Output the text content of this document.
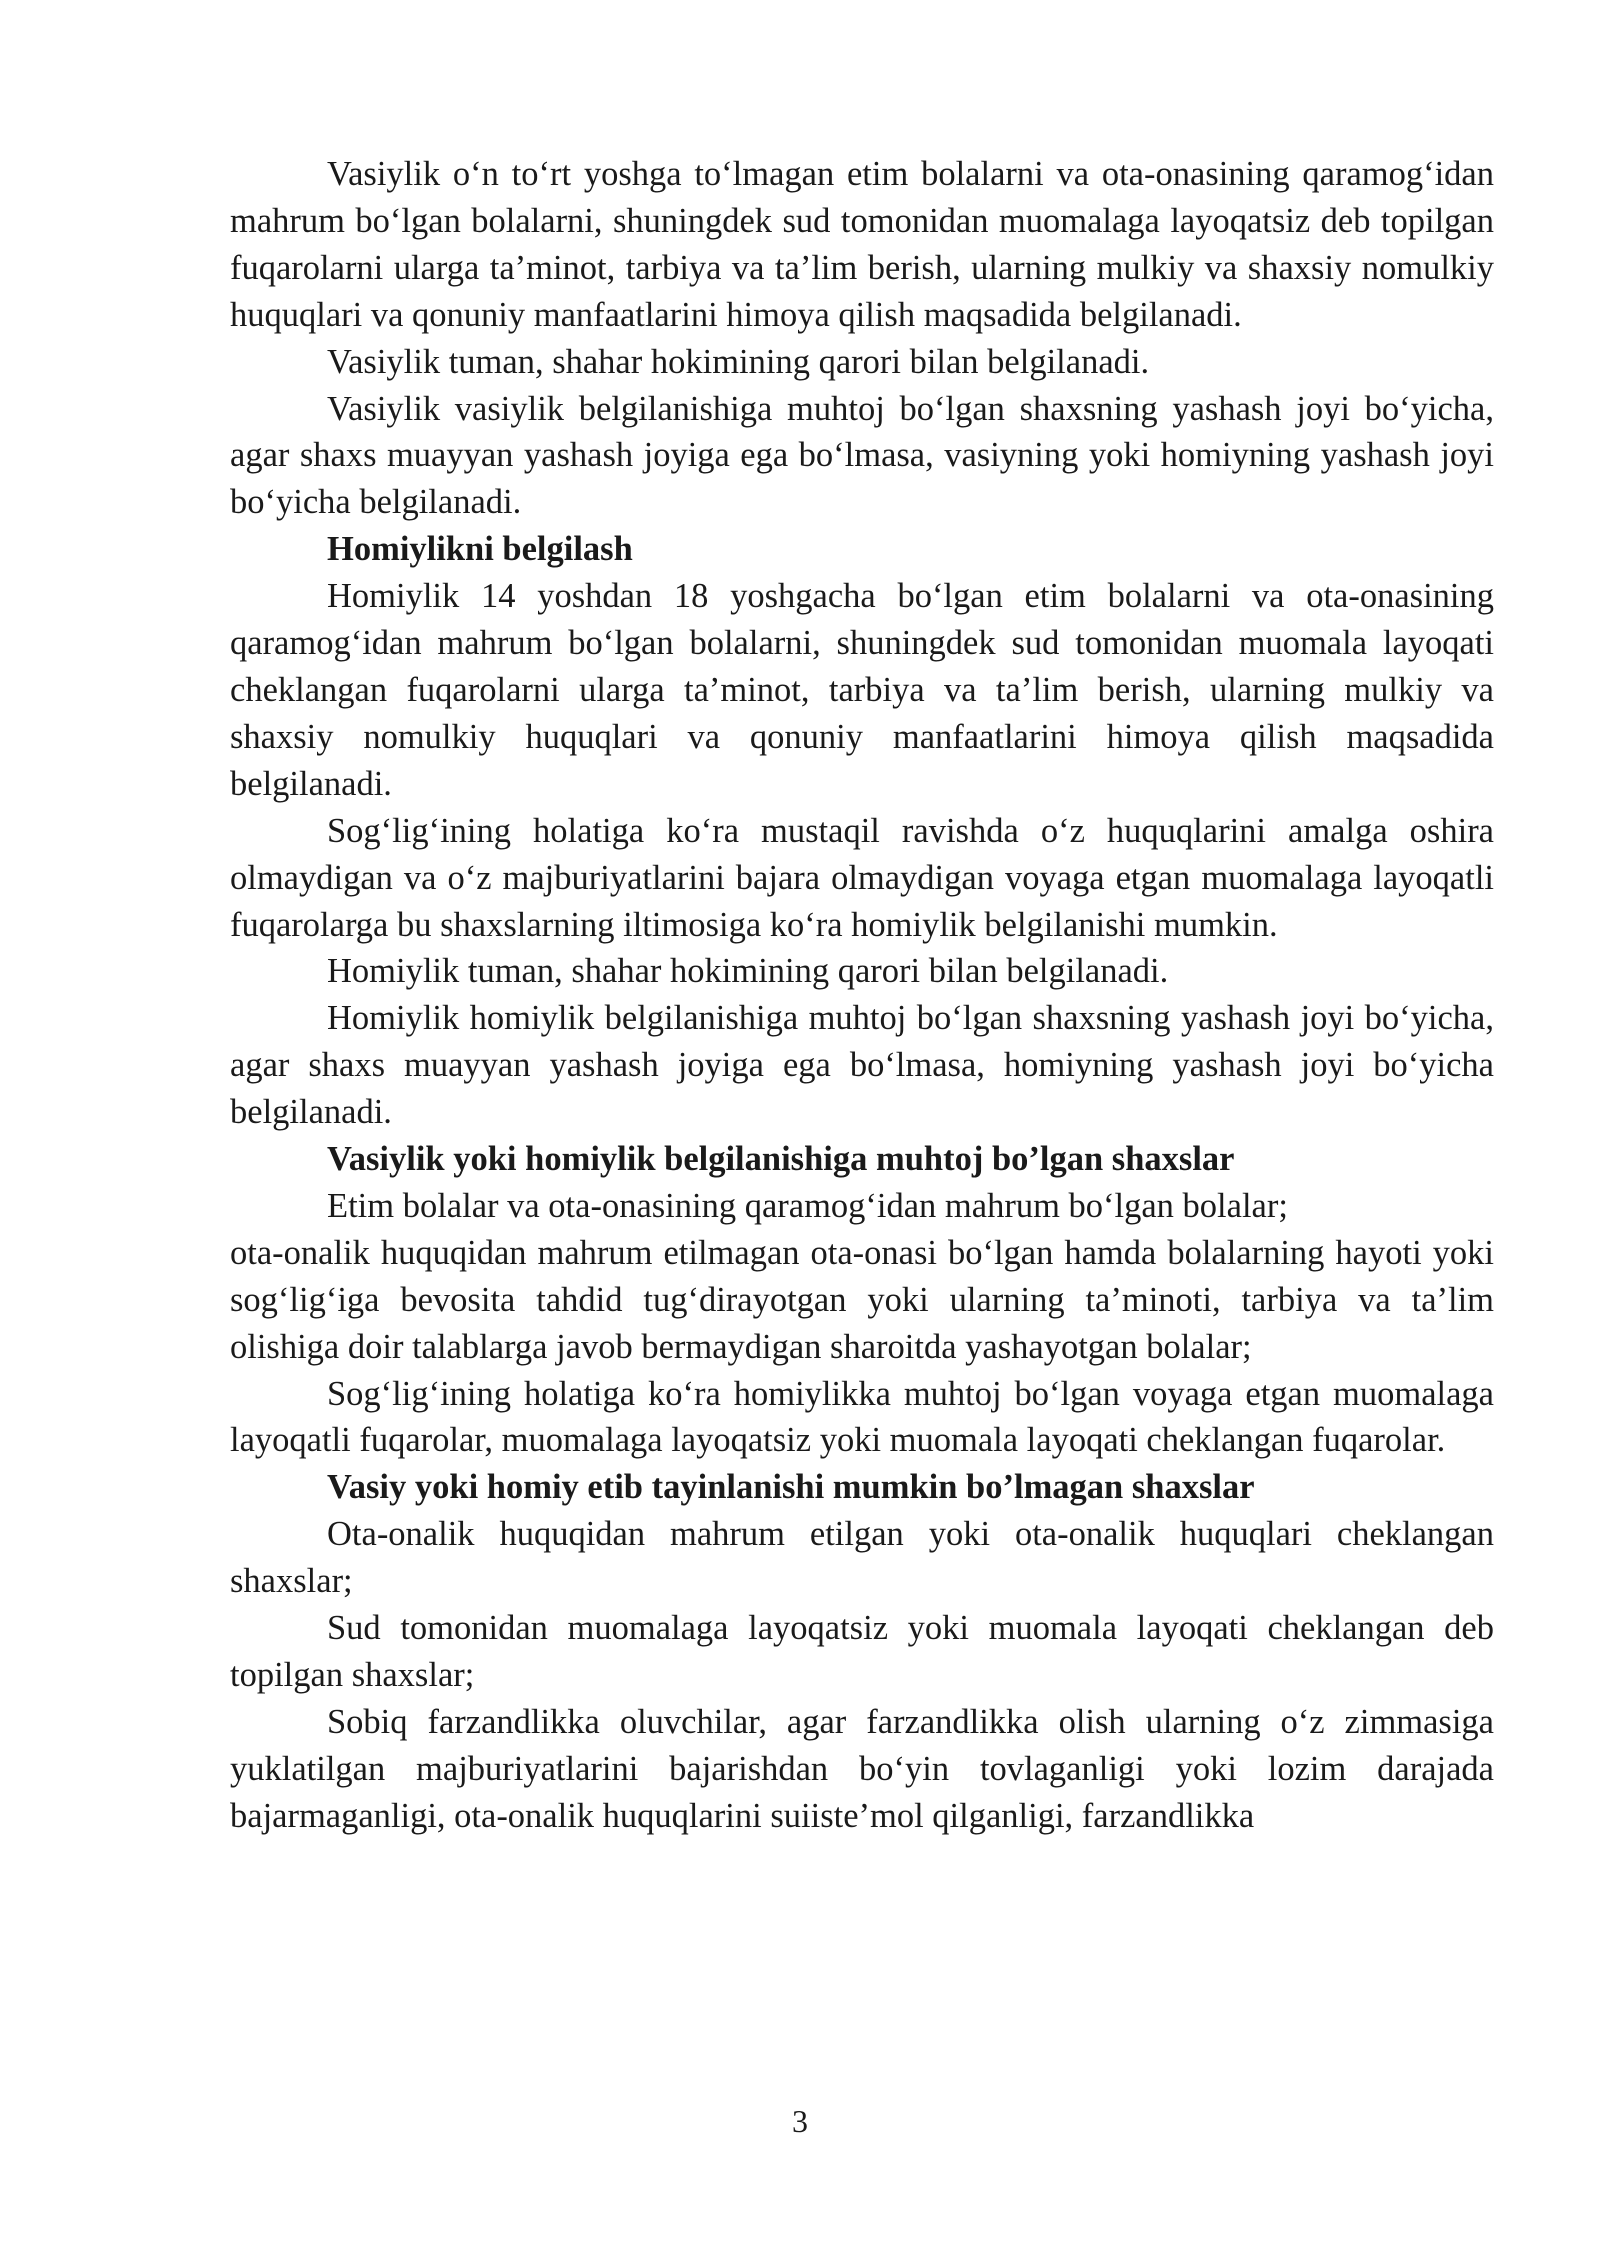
Vasiylik o‘n to‘rt yoshga to‘lmagan etim bolalarni va ota-onasining qaramog‘idan mahrum bo‘lgan bolalarni, shuningdek sud tomonidan muomalaga layoqatsiz deb topilgan fuqarolarni ularga ta’minot, tarbiya va ta’lim berish, ularning mulkiy va shaxsiy nomulkiy huquqlari va qonuniy manfaatlarini himoya qilish maqsadida belgilanadi.

Vasiylik tuman, shahar hokimining qarori bilan belgilanadi.

Vasiylik vasiylik belgilanishiga muhtoj bo‘lgan shaxsning yashash joyi bo‘yicha, agar shaxs muayyan yashash joyiga ega bo‘lmasa, vasiyning yoki homiyning yashash joyi bo‘yicha belgilanadi.

Homiylikni belgilash

Homiylik 14 yoshdan 18 yoshgacha bo‘lgan etim bolalarni va ota-onasining qaramog‘idan mahrum bo‘lgan bolalarni, shuningdek sud tomonidan muomala layoqati cheklangan fuqarolarni ularga ta’minot, tarbiya va ta’lim berish, ularning mulkiy va shaxsiy nomulkiy huquqlari va qonuniy manfaatlarini himoya qilish maqsadida belgilanadi.

Sog‘lig‘ining holatiga ko‘ra mustaqil ravishda o‘z huquqlarini amalga oshira olmaydigan va o‘z majburiyatlarini bajara olmaydigan voyaga etgan muomalaga layoqatli fuqarolarga bu shaxslarning iltimosiga ko‘ra homiylik belgilanishi mumkin.

Homiylik tuman, shahar hokimining qarori bilan belgilanadi.

Homiylik homiylik belgilanishiga muhtoj bo‘lgan shaxsning yashash joyi bo‘yicha, agar shaxs muayyan yashash joyiga ega bo‘lmasa, homiyning yashash joyi bo‘yicha belgilanadi.

Vasiylik yoki homiylik belgilanishiga muhtoj bo’lgan shaxslar

Etim bolalar va ota-onasining qaramog‘idan mahrum bo‘lgan bolalar;

ota-onalik huquqidan mahrum etilmagan ota-onasi bo‘lgan hamda bolalarning hayoti yoki sog‘lig‘iga bevosita tahdid tug‘dirayotgan yoki ularning ta’minoti, tarbiya va ta’lim olishiga doir talablarga javob bermaydigan sharoitda yashayotgan bolalar;

Sog‘lig‘ining holatiga ko‘ra homiylikka muhtoj bo‘lgan voyaga etgan muomalaga layoqatli fuqarolar, muomalaga layoqatsiz yoki muomala layoqati cheklangan fuqarolar.

Vasiy yoki homiy etib tayinlanishi mumkin bo’lmagan shaxslar

Ota-onalik huquqidan mahrum etilgan yoki ota-onalik huquqlari cheklangan shaxslar;

Sud tomonidan muomalaga layoqatsiz yoki muomala layoqati cheklangan deb topilgan shaxslar;

Sobiq farzandlikka oluvchilar, agar farzandlikka olish ularning o‘z zimmasiga yuklatilgan majburiyatlarini bajarishdan bo‘yin tovlaganligi yoki lozim darajada bajarmaganligi, ota-onalik huquqlarini suiiste’mol qilganligi, farzandlikka

3
